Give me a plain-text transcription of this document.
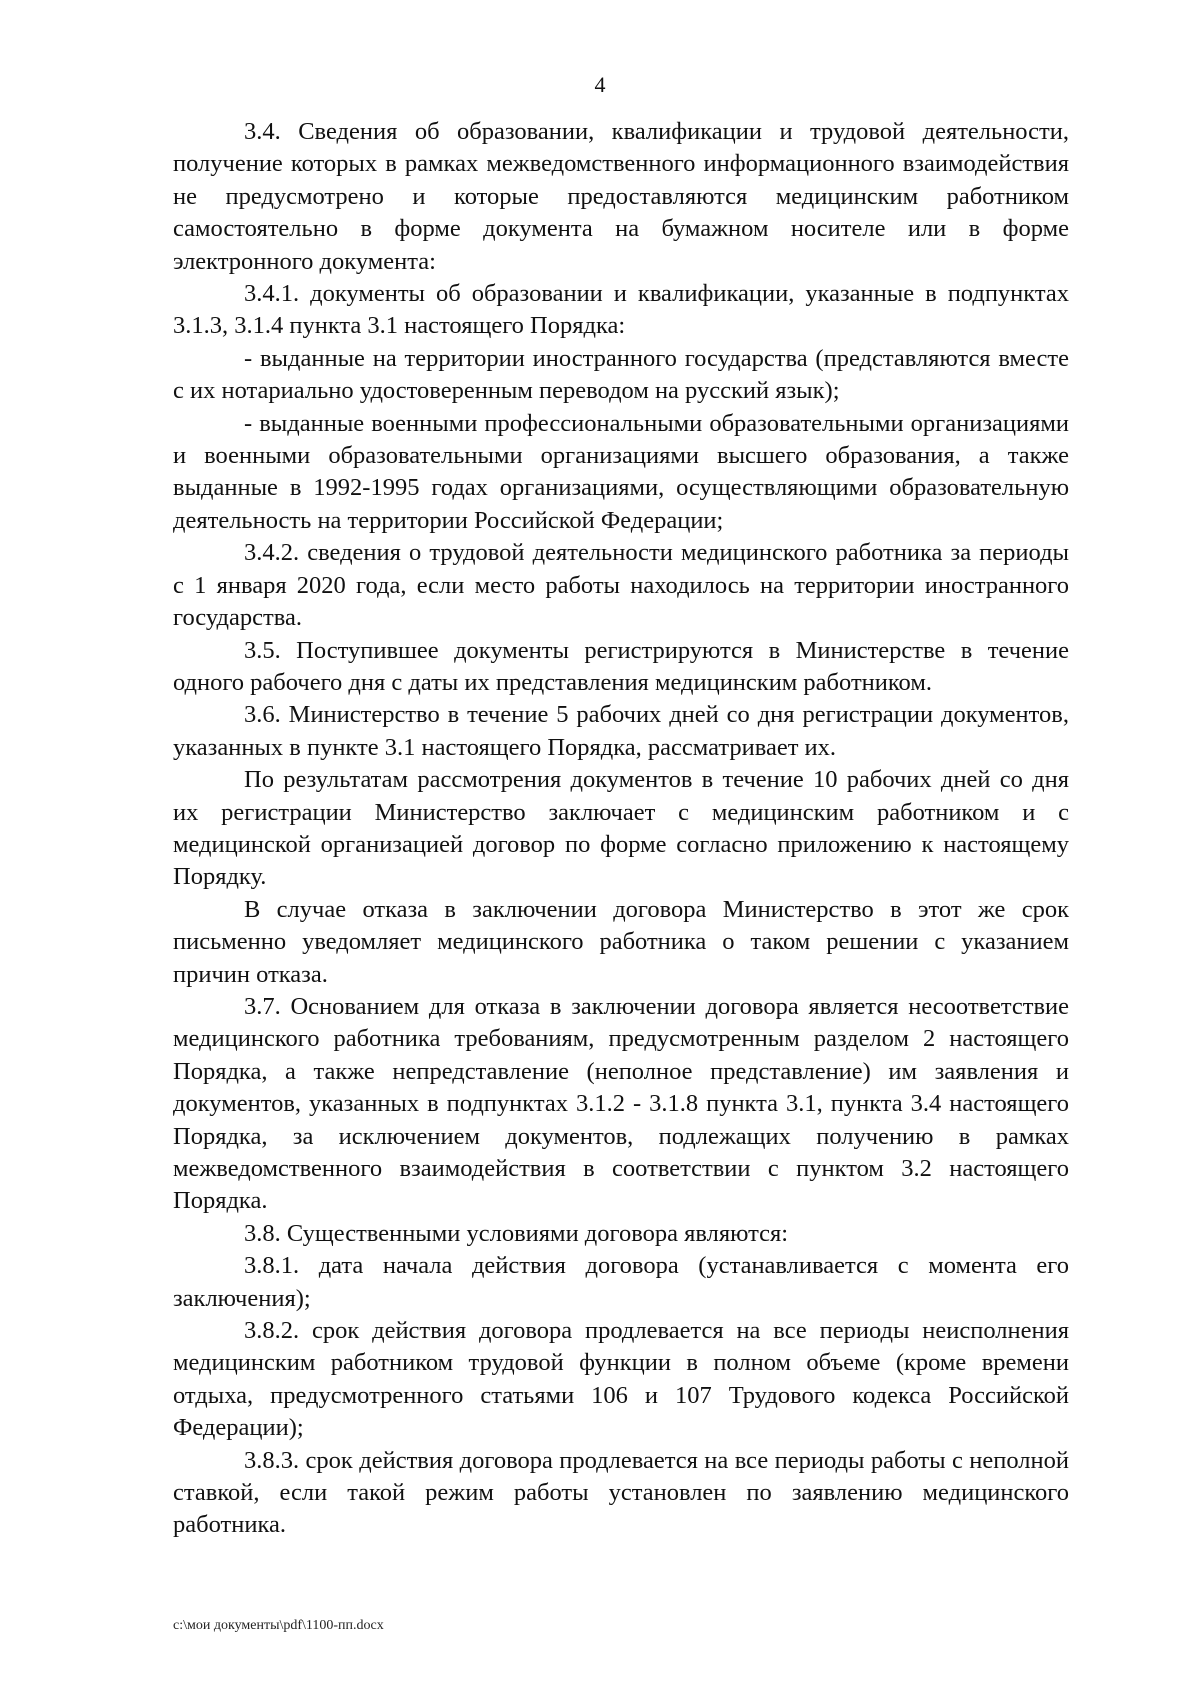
4

3.4. Сведения об образовании, квалификации и трудовой деятельности, получение которых в рамках межведомственного информационного взаимодействия не предусмотрено и которые предоставляются медицинским работником самостоятельно в форме документа на бумажном носителе или в форме электронного документа:

3.4.1. документы об образовании и квалификации, указанные в подпунктах 3.1.3, 3.1.4 пункта 3.1 настоящего Порядка:

- выданные на территории иностранного государства (представляются вместе с их нотариально удостоверенным переводом на русский язык);

- выданные военными профессиональными образовательными организациями и военными образовательными организациями высшего образования, а также выданные в 1992-1995 годах организациями, осуществляющими образовательную деятельность на территории Российской Федерации;

3.4.2. сведения о трудовой деятельности медицинского работника за периоды с 1 января 2020 года, если место работы находилось на территории иностранного государства.

3.5. Поступившее документы регистрируются в Министерстве в течение одного рабочего дня с даты их представления медицинским работником.

3.6. Министерство в течение 5 рабочих дней со дня регистрации документов, указанных в пункте 3.1 настоящего Порядка, рассматривает их.

По результатам рассмотрения документов в течение 10 рабочих дней со дня их регистрации Министерство заключает с медицинским работником и с медицинской организацией договор по форме согласно приложению к настоящему Порядку.

В случае отказа в заключении договора Министерство в этот же срок письменно уведомляет медицинского работника о таком решении с указанием причин отказа.

3.7. Основанием для отказа в заключении договора является несоответствие медицинского работника требованиям, предусмотренным разделом 2 настоящего Порядка, а также непредставление (неполное представление) им заявления и документов, указанных в подпунктах 3.1.2 - 3.1.8 пункта 3.1, пункта 3.4 настоящего Порядка, за исключением документов, подлежащих получению в рамках межведомственного взаимодействия в соответствии с пунктом 3.2 настоящего Порядка.

3.8. Существенными условиями договора являются:

3.8.1. дата начала действия договора (устанавливается с момента его заключения);

3.8.2. срок действия договора продлевается на все периоды неисполнения медицинским работником трудовой функции в полном объеме (кроме времени отдыха, предусмотренного статьями 106 и 107 Трудового кодекса Российской Федерации);

3.8.3. срок действия договора продлевается на все периоды работы с неполной ставкой, если такой режим работы установлен по заявлению медицинского работника.

c:\мои документы\pdf\1100-пп.docx
